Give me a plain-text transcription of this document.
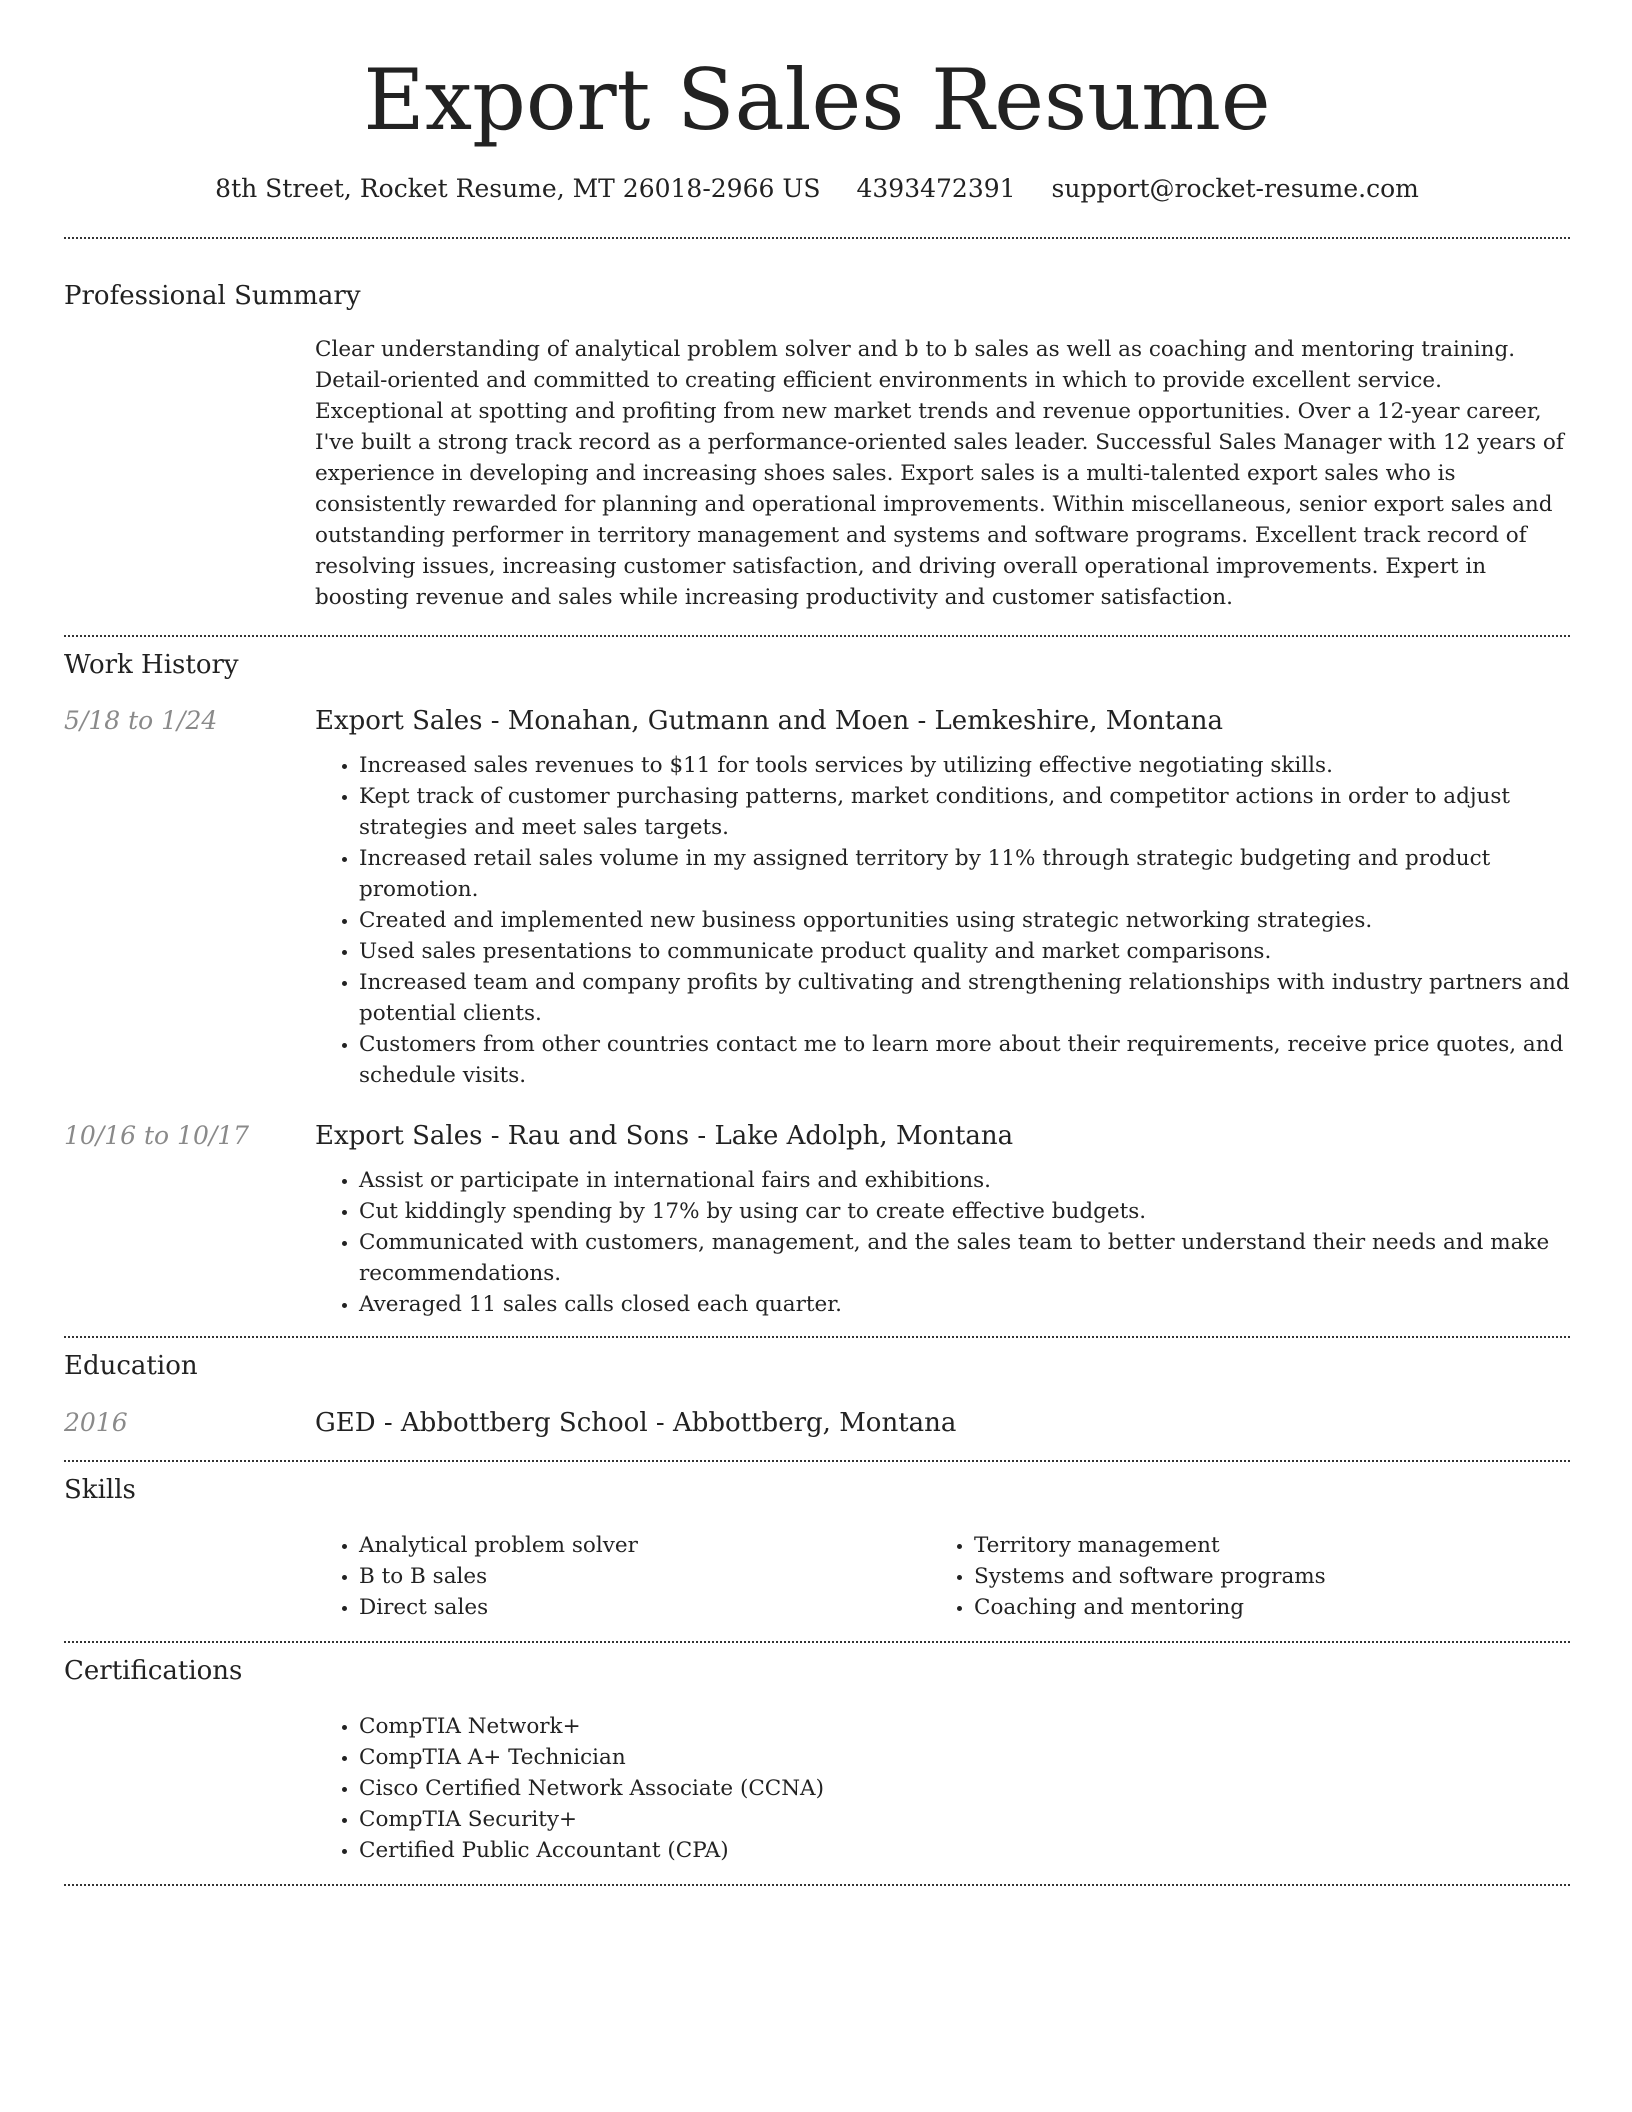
Export Sales Resume
8th Street, Rocket Resume, MT 26018-2966 US 4393472391 support@rocket-resume.com
Professional Summary
Clear understanding of analytical problem solver and b to b sales as well as coaching and mentoring training. Detail-oriented and committed to creating efficient environments in which to provide excellent service. Exceptional at spotting and profiting from new market trends and revenue opportunities. Over a 12-year career, I've built a strong track record as a performance-oriented sales leader. Successful Sales Manager with 12 years of experience in developing and increasing shoes sales. Export sales is a multi-talented export sales who is consistently rewarded for planning and operational improvements. Within miscellaneous, senior export sales and outstanding performer in territory management and systems and software programs. Excellent track record of resolving issues, increasing customer satisfaction, and driving overall operational improvements. Expert in boosting revenue and sales while increasing productivity and customer satisfaction.
Work History
5/18 to 1/24	Export Sales - Monahan, Gutmann and Moen - Lemkeshire, Montana
• Increased sales revenues to $11 for tools services by utilizing effective negotiating skills.
• Kept track of customer purchasing patterns, market conditions, and competitor actions in order to adjust strategies and meet sales targets.
• Increased retail sales volume in my assigned territory by 11% through strategic budgeting and product promotion.
• Created and implemented new business opportunities using strategic networking strategies.
• Used sales presentations to communicate product quality and market comparisons.
• Increased team and company profits by cultivating and strengthening relationships with industry partners and potential clients.
• Customers from other countries contact me to learn more about their requirements, receive price quotes, and schedule visits.
10/16 to 10/17	Export Sales - Rau and Sons - Lake Adolph, Montana
• Assist or participate in international fairs and exhibitions.
• Cut kiddingly spending by 17% by using car to create effective budgets.
• Communicated with customers, management, and the sales team to better understand their needs and make recommendations.
• Averaged 11 sales calls closed each quarter.
Education
2016	GED - Abbottberg School - Abbottberg, Montana
Skills
• Analytical problem solver
• B to B sales
• Direct sales
• Territory management
• Systems and software programs
• Coaching and mentoring
Certifications
• CompTIA Network+
• CompTIA A+ Technician
• Cisco Certified Network Associate (CCNA)
• CompTIA Security+
• Certified Public Accountant (CPA)
